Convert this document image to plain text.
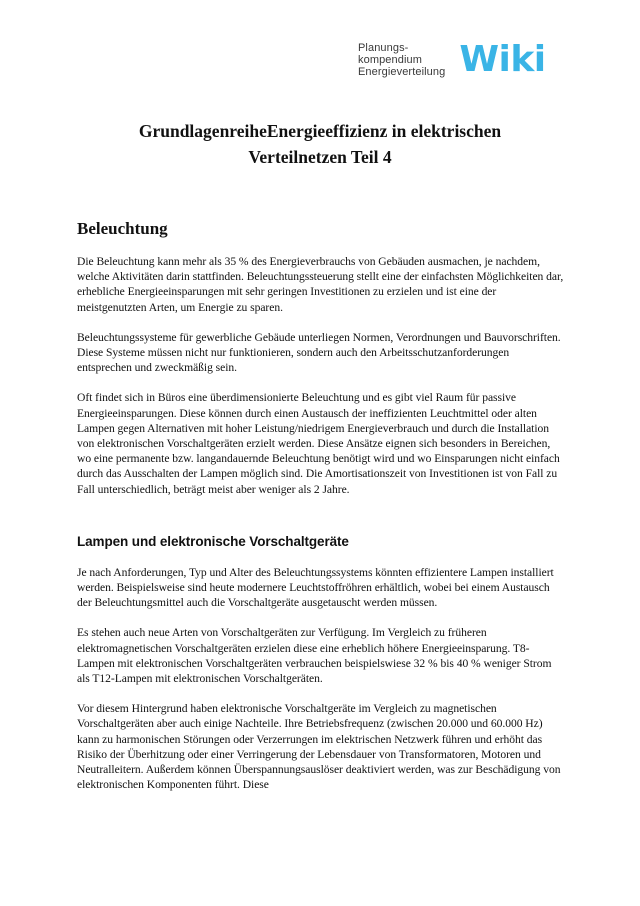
Planungs-
kompendium
Energieverteilung Wiki
GrundlagenreiheEnergieeffizienz in elektrischen
Verteilnetzen Teil 4
Beleuchtung

Die Beleuchtung kann mehr als 35 % des Energieverbrauchs von Gebäuden ausmachen, je nachdem, welche Aktivitäten darin stattfinden. Beleuchtungssteuerung stellt eine der einfachsten Möglichkeiten dar, erhebliche Energieeinsparungen mit sehr geringen Investitionen zu erzielen und ist eine der meistgenutzten Arten, um Energie zu sparen.

Beleuchtungssysteme für gewerbliche Gebäude unterliegen Normen, Verordnungen und Bauvorschriften. Diese Systeme müssen nicht nur funktionieren, sondern auch den Arbeitsschutzanforderungen entsprechen und zweckmäßig sein.

Oft findet sich in Büros eine überdimensionierte Beleuchtung und es gibt viel Raum für passive Energieeinsparungen. Diese können durch einen Austausch der ineffizienten Leuchtmittel oder alten Lampen gegen Alternativen mit hoher Leistung/niedrigem Energieverbrauch und durch die Installation von elektronischen Vorschaltgeräten erzielt werden. Diese Ansätze eignen sich besonders in Bereichen, wo eine permanente bzw. langandauernde Beleuchtung benötigt wird und wo Einsparungen nicht einfach durch das Ausschalten der Lampen möglich sind. Die Amortisationszeit von Investitionen ist von Fall zu Fall unterschiedlich, beträgt meist aber weniger als 2 Jahre.

Lampen und elektronische Vorschaltgeräte

Je nach Anforderungen, Typ und Alter des Beleuchtungssystems könnten effizientere Lampen installiert werden. Beispielsweise sind heute modernere Leuchtstoffröhren erhältlich, wobei bei einem Austausch der Beleuchtungsmittel auch die Vorschaltgeräte ausgetauscht werden müssen.

Es stehen auch neue Arten von Vorschaltgeräten zur Verfügung. Im Vergleich zu früheren elektromagnetischen Vorschaltgeräten erzielen diese eine erheblich höhere Energieeinsparung. T8-Lampen mit elektronischen Vorschaltgeräten verbrauchen beispielswiese 32 % bis 40 % weniger Strom als T12-Lampen mit elektronischen Vorschaltgeräten.

Vor diesem Hintergrund haben elektronische Vorschaltgeräte im Vergleich zu magnetischen Vorschaltgeräten aber auch einige Nachteile. Ihre Betriebsfrequenz (zwischen 20.000 und 60.000 Hz) kann zu harmonischen Störungen oder Verzerrungen im elektrischen Netzwerk führen und erhöht das Risiko der Überhitzung oder einer Verringerung der Lebensdauer von Transformatoren, Motoren und Neutralleitern. Außerdem können Überspannungsauslöser deaktiviert werden, was zur Beschädigung von elektronischen Komponenten führt. Diese
